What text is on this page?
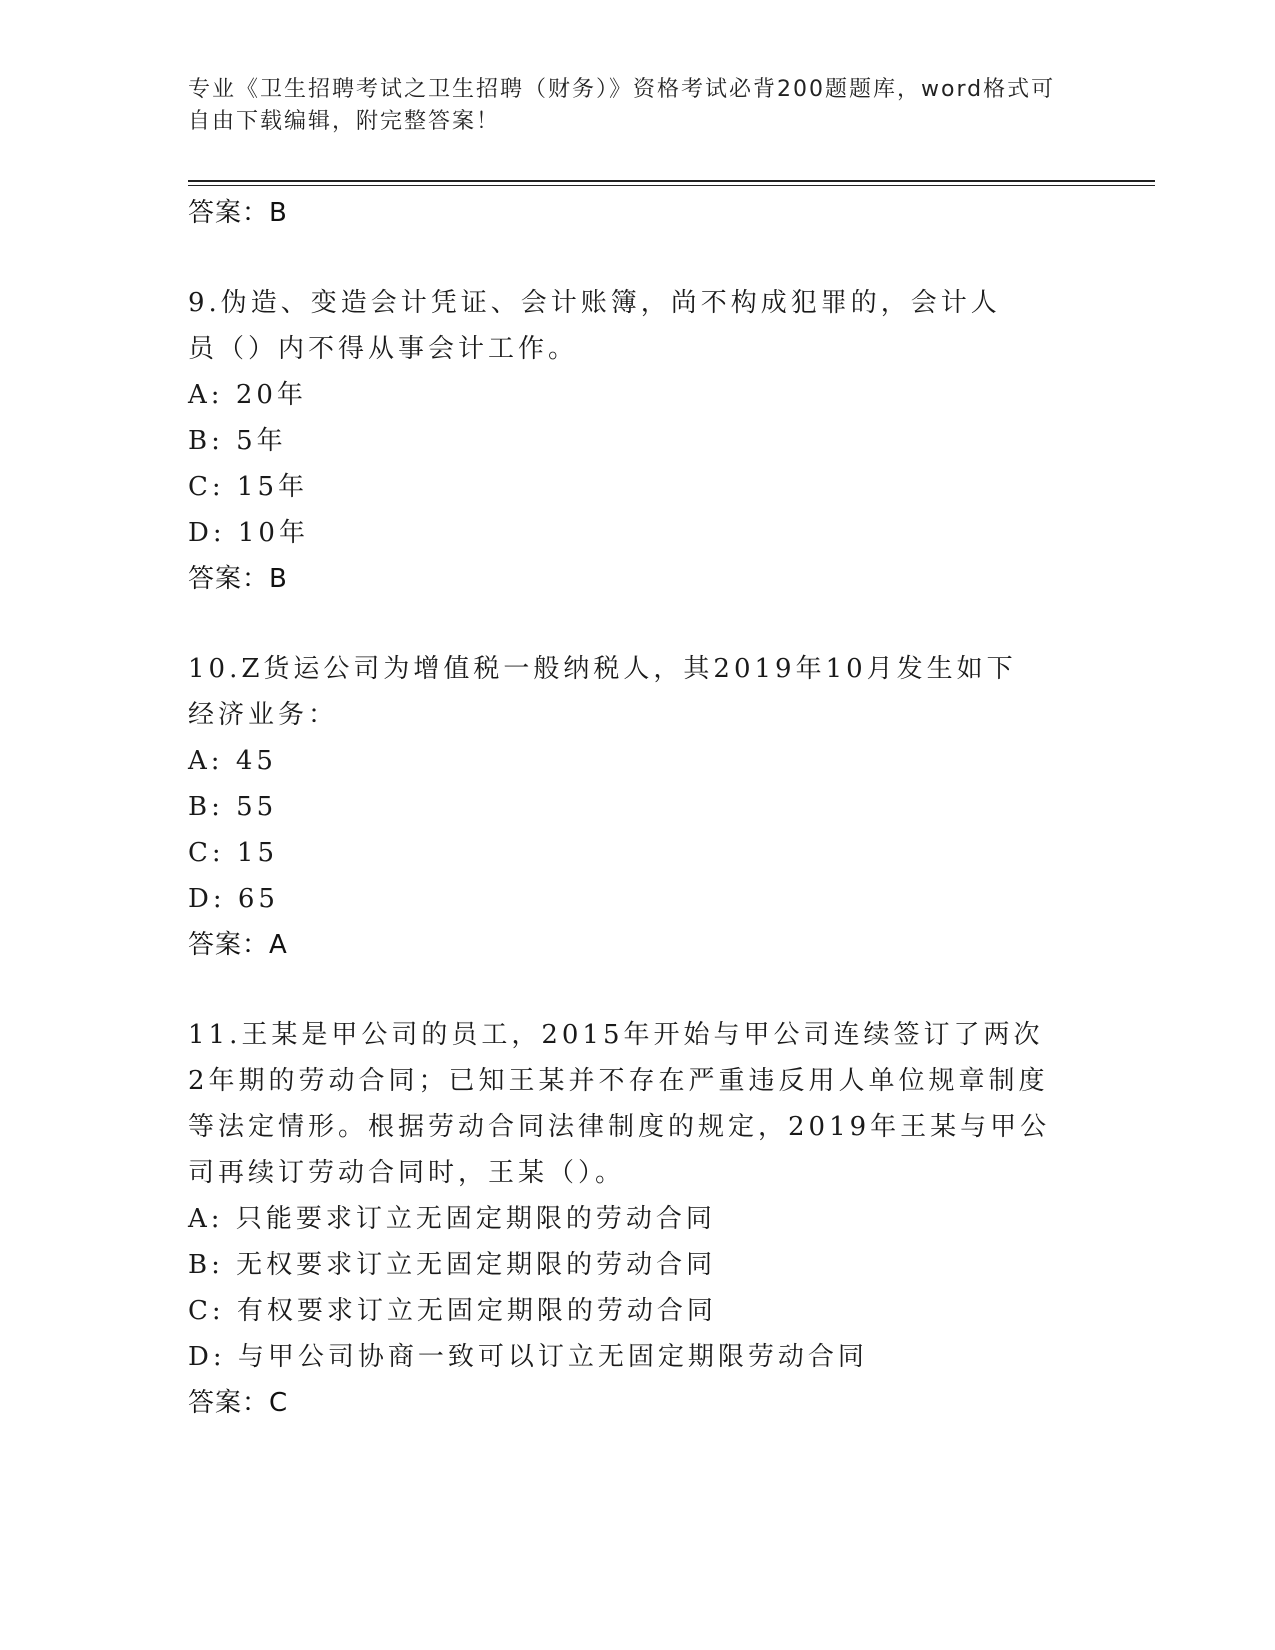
专业《卫生招聘考试之卫生招聘（财务）》资格考试必背200题题库，word格式可自由下载编辑，附完整答案！
答案：B
9.伪造、变造会计凭证、会计账簿，尚不构成犯罪的，会计人员（）内不得从事会计工作。
A: 20年
B: 5年
C: 15年
D: 10年
答案：B
10.Z货运公司为增值税一般纳税人，其2019年10月发生如下经济业务：
A: 45
B: 55
C: 15
D: 65
答案：A
11.王某是甲公司的员工，2015年开始与甲公司连续签订了两次2年期的劳动合同；已知王某并不存在严重违反用人单位规章制度等法定情形。根据劳动合同法律制度的规定，2019年王某与甲公司再续订劳动合同时，王某（）。
A: 只能要求订立无固定期限的劳动合同
B: 无权要求订立无固定期限的劳动合同
C: 有权要求订立无固定期限的劳动合同
D: 与甲公司协商一致可以订立无固定期限劳动合同
答案：C
